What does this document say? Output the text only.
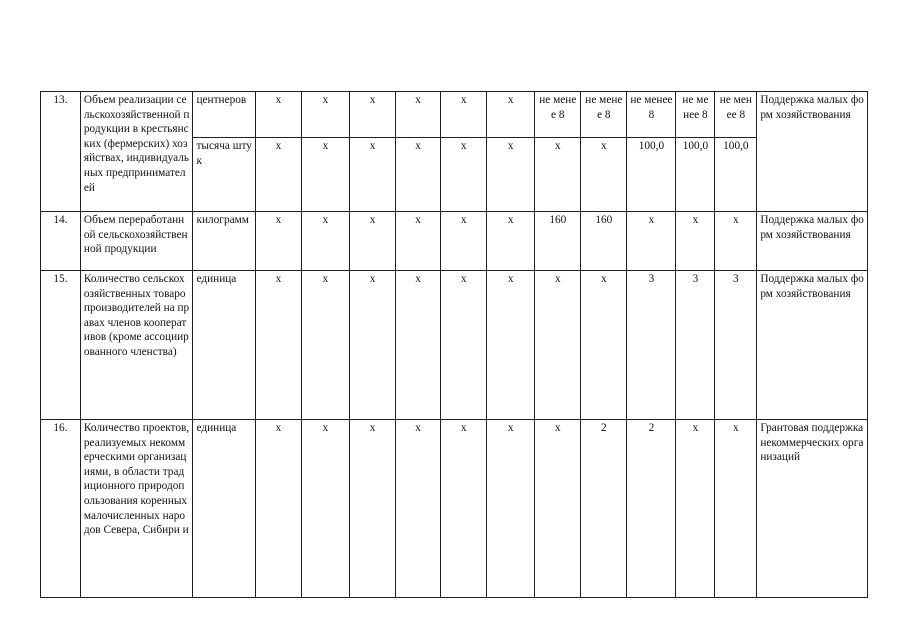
13.	Объем реализации сельскохозяйственной продукции в крестьянских (фермерских) хозяйствах, индивидуальных предпринимателей	центнеров	x	x	x	x	x	x	не менее 8	не менее 8	не менее 8	не менее 8	не менее 8	Поддержка малых форм хозяйствования
		тысяча штук	x	x	x	x	x	x	x	x	100,0	100,0	100,0	
14.	Объем переработанной сельскохозяйственной продукции	килограмм	x	x	x	x	x	x	160	160	x	x	x	Поддержка малых форм хозяйствования
15.	Количество сельскохозяйственных товаропроизводителей на правах членов кооперативов (кроме ассоциированного членства)	единица	x	x	x	x	x	x	x	x	3	3	3	Поддержка малых форм хозяйствования
16.	Количество проектов, реализуемых некоммерческими организациями, в области традиционного природопользования коренных малочисленных народов Севера, Сибири и	единица	x	x	x	x	x	x	x	2	2	x	x	Грантовая поддержка некоммерческих организаций
